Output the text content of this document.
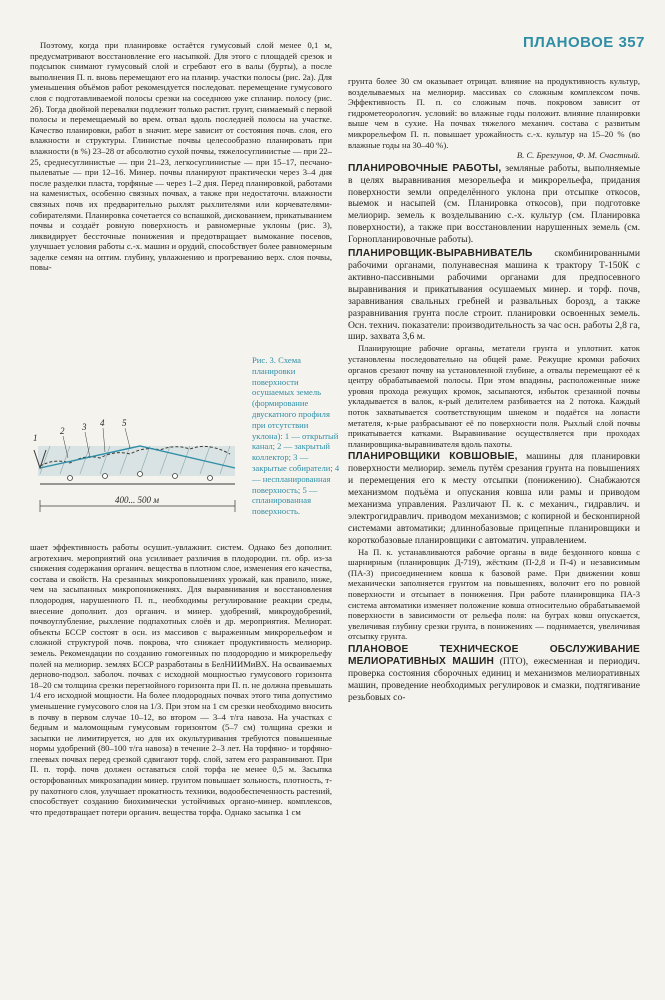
ПЛАНОВОЕ 357

Поэтому, когда при планировке остаётся гумусовый слой менее 0,1 м, предусматривают восстановление его насыпкой. Для этого с площадей срезок и подсыпок снимают гумусовый слой и сгребают его в валы (бурты), а после выполнения П. п. вновь перемещают его на планир. участки полосы (рис. 2а). Для уменьшения объёмов работ рекомендуется последоват. перемещение гумусового слоя с подготавливаемой полосы срезки на соседнюю уже спланир. полосу (рис. 2б). Тогда двойной перевалки подлежит только растит. грунт, снимаемый с первой полосы и перемещаемый во врем. отвал вдоль последней полосы на участке. Качество планировки, работ в значит. мере зависит от состояния почв. слоя, его влажности и структуры. Глинистые почвы целесообразно планировать при влажности (в %) 23–28 от абсолютно сухой почвы, тяжелосуглинистые — при 22–25, среднесуглинистые — при 21–23, легкосуглинистые — при 15–17, песчано-пылеватые — при 12–16. Минер. почвы планируют практически через 3–4 дня после разделки пласта, торфяные — через 1–2 дня. Перед планировкой, работами на каменистых, особенно связных почвах, а также при недостаточн. влажности связных почв их предварительно рыхлят рыхлителями или корчевателями-собирателями. Планировка сочетается со вспашкой, дискованием, прикатыванием почвы и создаёт ровную поверхность и равномерные уклоны (рис. 3), ликвидирует бессточные понижения и предотвращает вымокание посевов, улучшает условия работы с.-х. машин и орудий, способствует более равномерным заделке семян на оптим. глубину, увлажнению и прогреванию верх. слоя почвы, повы-

1
2 3 4 5
400... 500 м

Рис. 3. Схема планировки поверхности осушаемых земель (формирование двускатного профиля при отсутствии уклона): 1 — открытый канал; 2 — закрытый коллектор; 3 — закрытые собиратели; 4 — неспланированная поверхность; 5 — спланированная поверхность.

шает эффективность работы осушит.-увлажнит. систем. Однако без дополнит. агротехнич. мероприятий она усиливает различия в плодородии. гл. обр. из-за снижения содержания органич. вещества в плотном слое, изменения его качества, состава и свойств. На срезанных микроповышениях урожай, как правило, ниже, чем на засыпанных микропонижениях. Для выравнивания и восстановления плодородия, нарушенного П. п., необходимы регулирование реакции среды, внесение дополнит. доз органич. и минер. удобрений, микроудобрений, почвоуглубление, рыхление подпахотных слоёв и др. мероприятия. Мелиорат. объекты БССР состоят в осн. из массивов с выраженным микрорельефом и сложной структурой почв. покрова, что снижает продуктивность мелиорир. земель. Рекомендации по созданию гомогенных по плодородию и микрорельефу полей на мелиорир. землях БССР разработаны в БелНИИМиВХ. На осваиваемых дерново-подзол. заболоч. почвах с исходной мощностью гумусового горизонта 18–20 см толщина срезки перегнойного горизонта при П. п. не должна превышать 1/4 его исходной мощности. На более плодородных почвах этого типа допустимо уменьшение гумусового слоя на 1/3. При этом на 1 см срезки необходимо вносить в почву в первом случае 10–12, во втором — 3–4 т/га навоза. На участках с бедным и маломощным гумусовым горизонтом (5–7 см) толщина срезки и засыпки не лимитируется, но для их окультуривания требуются повышенные нормы удобрений (80–100 т/га навоза) в течение 2–3 лет. На торфяно- и торфяно-глеевых почвах перед срезкой сдвигают торф. слой, затем его разравнивают. При П. п. торф. почв должен оставаться слой торфа не менее 0,5 м. Засыпка осторфованных микрозападин минер. грунтом повышает зольность, плотность, т-ру пахотного слоя, улучшает прокатность техники, водообеспеченность растений, способствует созданию биохимически устойчивых органо-минер. комплексов, что предотвращает потери органич. вещества торфа. Однако засыпка 1 см

грунта более 30 см оказывает отрицат. влияние на продуктивность культур, возделываемых на мелиорир. массивах со сложным комплексом почв. Эффективность П. п. со сложным почв. покровом зависит от гидрометеорологич. условий: во влажные годы положит. влияние планировки выше чем в сухие. На почвах тяжелого механич. состава с развитым микрорельефом П. п. повышает урожайность с.-х. культур на 15–20 % (во влажные годы на 30–40 %).

В. С. Брезгунов, Ф. М. Счастный.

ПЛАНИРОВОЧНЫЕ РАБОТЫ, земляные работы, выполняемые в целях выравнивания мезорельефа и микрорельефа, придания поверхности земли определённого уклона при отсыпке откосов, выемок и насыпей (см. Планировка откосов), при подготовке мелиорир. земель к возделыванию с.-х. культур (см. Планировка поверхности), а также при восстановлении нарушенных земель (см. Горнопланировочные работы).

ПЛАНИРОВЩИК-ВЫРАВНИВАТЕЛЬ скомбинированными рабочими органами, полунавесная машина к трактору Т-150К с активно-пассивными рабочими органами для предпосевного выравнивания и прикатывания осушаемых минер. и торф. почв, заравнивания свальных гребней и развальных борозд, а также разравнивания грунта после строит. планировки освоенных земель. Осн. технич. показатели: производительность за час осн. работы 2,8 га, шир. захвата 3,6 м.

Планирующие рабочие органы, метатели грунта и уплотнит. каток установлены последовательно на общей раме. Режущие кромки рабочих органов срезают почву на установленной глубине, а отвалы перемещают её к центру обрабатываемой полосы. При этом впадины, расположенные ниже уровня прохода режущих кромок, засыпаются, избыток срезанной почвы укладывается в валок, к-рый делителем разбивается на 2 потока. Каждый поток захватывается соответствующим шнеком и подаётся на лопасти метателя, к-рые разбрасывают её по поверхности поля. Рыхлый слой почвы прикатывается катками. Выравнивание осуществляется при проходах планировщика-выравнивателя вдоль пахоты.

ПЛАНИРОВЩИКИ КОВШОВЫЕ, машины для планировки поверхности мелиорир. земель путём срезания грунта на повышениях и перемещения его к месту отсыпки (понижению). Снабжаются механизмом подъёма и опускания ковша или рамы и приводом механизма управления. Различают П. к. с механич., гидравлич. и электрогидравлич. приводом механизмов; с копирной и бесконпирной системами автоматики; длиннобазовые прицепные планировщики и короткобазовые планировщики с автоматич. управлением.

На П. к. устанавливаются рабочие органы в виде бездонного ковша с шарнирным (планировщик Д-719), жёстким (П-2,8 и П-4) и независимым (ПА-3) присоединением ковша к базовой раме. При движении ковш механически заполняется грунтом на повышениях, волочит его по ровной поверхности и отсыпает в понижения. При работе планировщика ПА-3 система автоматики изменяет положение ковша относительно обрабатываемой поверхности в зависимости от рельефа поля: на буграх ковш опускается, увеличивая глубину срезки грунта, в понижениях — поднимается, увеличивая отсыпку грунта.

ПЛАНОВОЕ ТЕХНИЧЕСКОЕ ОБСЛУЖИВАНИЕ МЕЛИОРАТИВНЫХ МАШИН (ПТО), ежесменная и периодич. проверка состояния сборочных единиц и механизмов мелиоративных машин, проведение необходимых регулировок и смазки, подтягивание резьбовых со-
